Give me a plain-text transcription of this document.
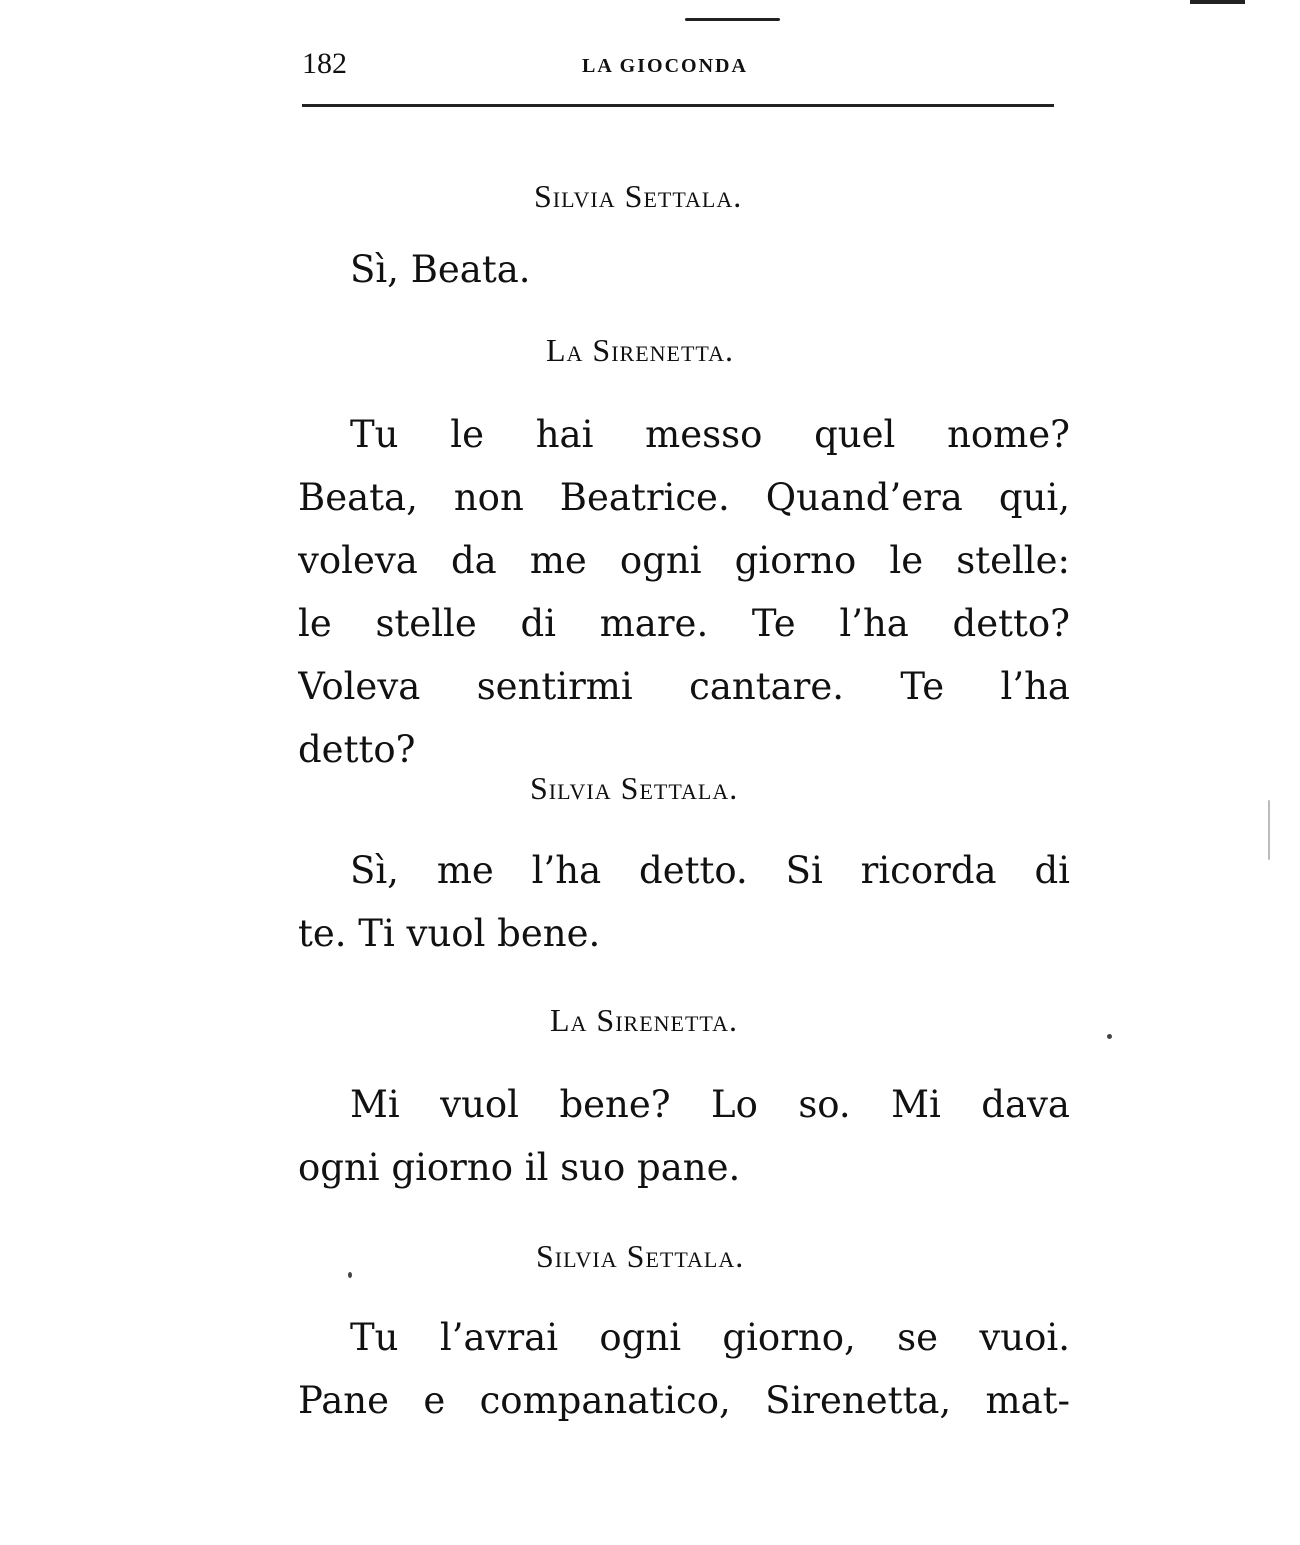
182	LA GIOCONDA
Silvia Settala.
Sì, Beata.
La Sirenetta.
Tu le hai messo quel nome?
Beata, non Beatrice. Quand’era qui,
voleva da me ogni giorno le stelle:
le stelle di mare. Te l’ha detto?
Voleva sentirmi cantare. Te l’ha
detto?
Silvia Settala.
Sì, me l’ha detto. Si ricorda di
te. Ti vuol bene.
La Sirenetta.
Mi vuol bene? Lo so. Mi dava
ogni giorno il suo pane.
Silvia Settala.
Tu l’avrai ogni giorno, se vuoi.
Pane e companatico, Sirenetta, mat-
